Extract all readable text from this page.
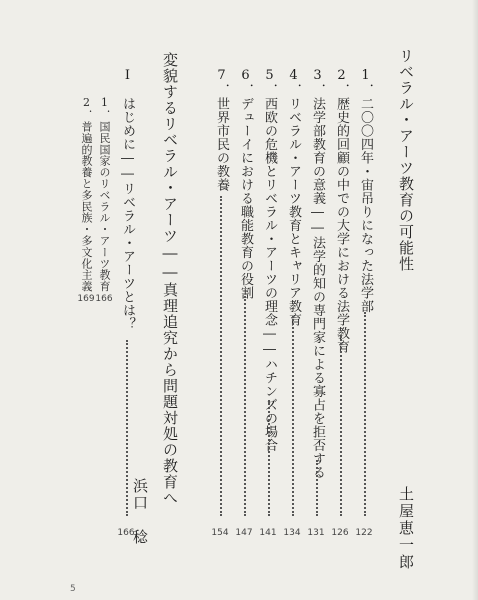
リベラル・アーツ教育の可能性
土屋恵一郎
1．二〇〇四年・宙吊りになった法学部
122
2．歴史的回顧の中での大学における法学教育
126
3．法学部教育の意義――法学的知の専門家による寡占を拒否する
131
4．リベラル・アーツ教育とキャリア教育
134
5．西欧の危機とリベラル・アーツの理念――ハチンズの場合
141
6．デューイにおける職能教育の役割
147
7．世界市民の教養
154
変貌するリベラル・アーツ――真理追究から問題対処の教育へ
浜口　稔
Ⅰ　はじめに――リベラル・アーツとは？
166
1．国民国家のリベラル・アーツ教育
166
2．普遍的教養と多民族・多文化主義
169
5
